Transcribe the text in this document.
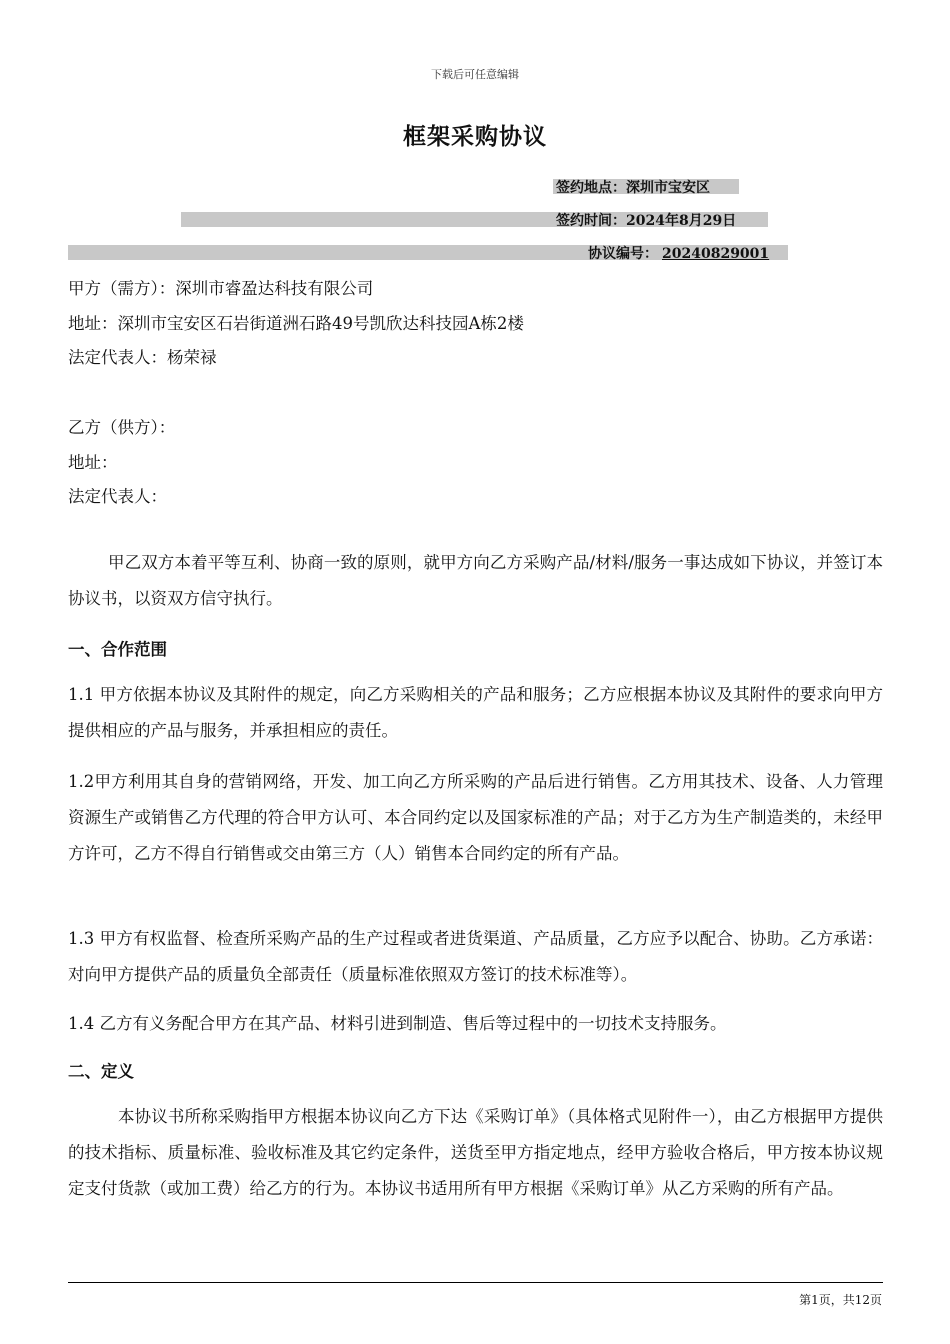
下载后可任意编辑
框架采购协议
签约地点：深圳市宝安区
签约时间：2024年8月29日
协议编号： 20240829001
甲方（需方）：深圳市睿盈达科技有限公司
地址：深圳市宝安区石岩街道洲石路49号凯欣达科技园A栋2楼
法定代表人：杨荣禄
乙方（供方）：
地址：
法定代表人：
甲乙双方本着平等互利、协商一致的原则，就甲方向乙方采购产品/材料/服务一事达成如下协议，并签订本协议书，以资双方信守执行。
一、合作范围
1.1 甲方依据本协议及其附件的规定，向乙方采购相关的产品和服务；乙方应根据本协议及其附件的要求向甲方提供相应的产品与服务，并承担相应的责任。
1.2甲方利用其自身的营销网络，开发、加工向乙方所采购的产品后进行销售。乙方用其技术、设备、人力管理资源生产或销售乙方代理的符合甲方认可、本合同约定以及国家标准的产品；对于乙方为生产制造类的，未经甲方许可，乙方不得自行销售或交由第三方（人）销售本合同约定的所有产品。
1.3 甲方有权监督、检查所采购产品的生产过程或者进货渠道、产品质量，乙方应予以配合、协助。乙方承诺：对向甲方提供产品的质量负全部责任（质量标准依照双方签订的技术标准等）。
1.4 乙方有义务配合甲方在其产品、材料引进到制造、售后等过程中的一切技术支持服务。
二、定义
本协议书所称采购指甲方根据本协议向乙方下达《采购订单》（具体格式见附件一），由乙方根据甲方提供的技术指标、质量标准、验收标准及其它约定条件，送货至甲方指定地点，经甲方验收合格后，甲方按本协议规定支付货款（或加工费）给乙方的行为。本协议书适用所有甲方根据《采购订单》从乙方采购的所有产品。
第1页，共12页
